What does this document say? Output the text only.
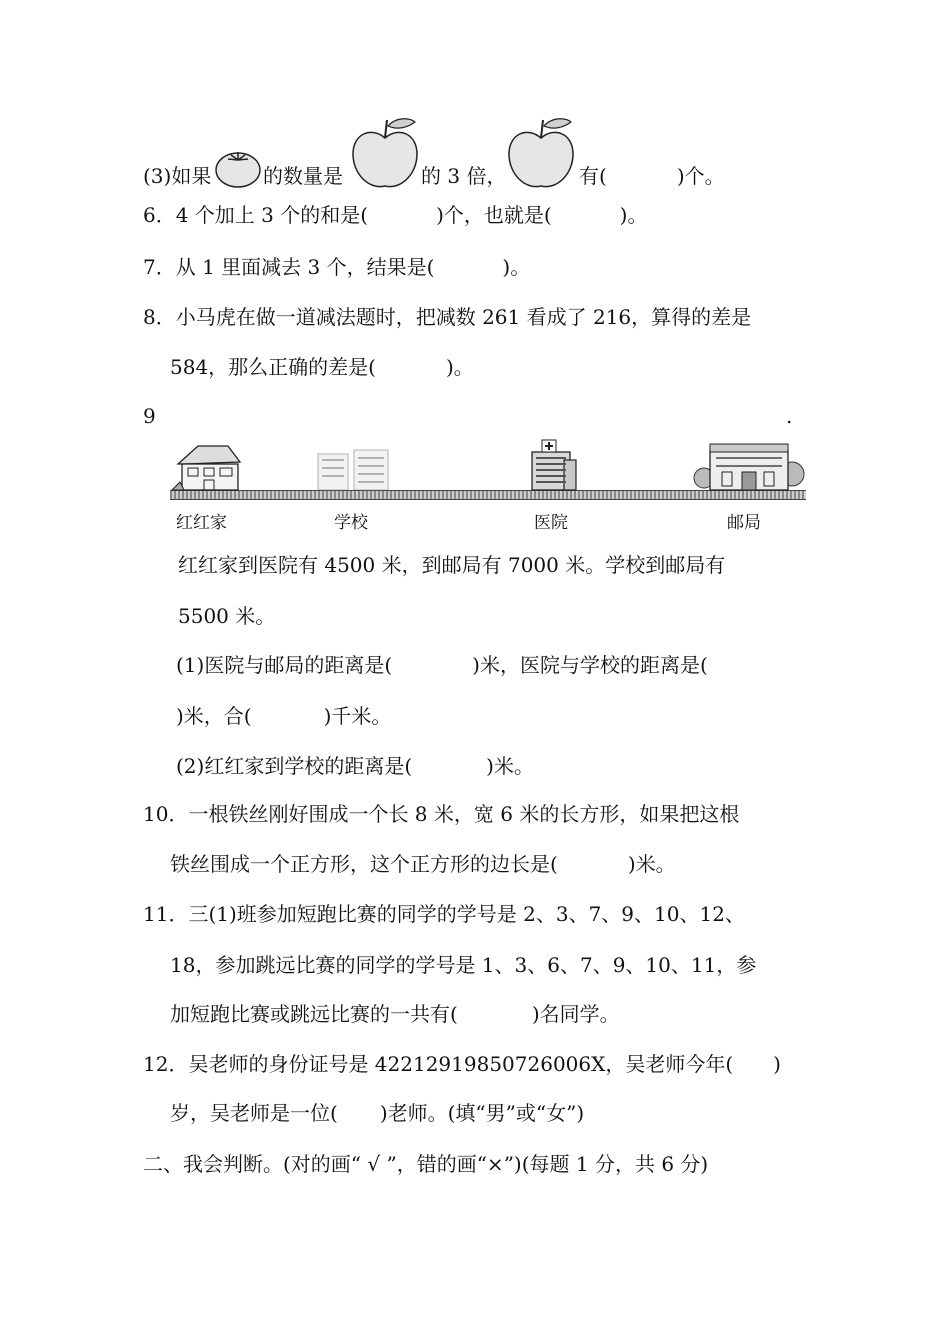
(3)如果	的数量是	的 3 倍，	有(	)个。
6．4 个加上 3 个的和是(	)个，也就是(	)。
7．从 1 里面减去 3 个，结果是(	)。
8．小马虎在做一道减法题时，把减数 261 看成了 216，算得的差是
584，那么正确的差是(	)。
9	.
红红家	学校	医院	邮局
红红家到医院有 4500 米，到邮局有 7000 米。学校到邮局有
5500 米。
(1)医院与邮局的距离是(	)米，医院与学校的距离是(
)米，合(	)千米。
(2)红红家到学校的距离是(	)米。
10．一根铁丝刚好围成一个长 8 米，宽 6 米的长方形，如果把这根
铁丝围成一个正方形，这个正方形的边长是(	)米。
11．三(1)班参加短跑比赛的同学的学号是 2、3、7、9、10、12、
18，参加跳远比赛的同学的学号是 1、3、6、7、9、10、11，参
加短跑比赛或跳远比赛的一共有(	)名同学。
12．吴老师的身份证号是 42212919850726006X，吴老师今年( )
岁，吴老师是一位( )老师。(填“男”或“女”)
二、我会判断。(对的画“ √ ”，错的画“×”)(每题 1 分，共 6 分)
